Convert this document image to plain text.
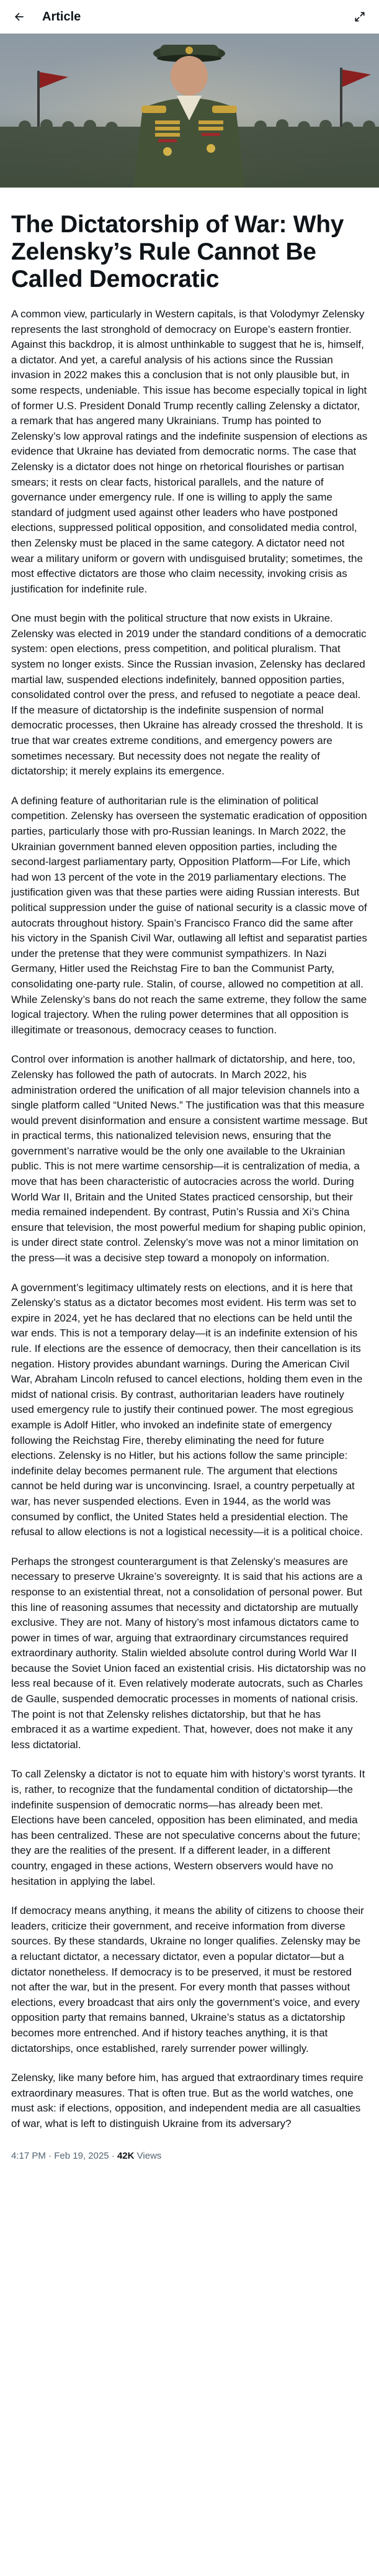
Article
The Dictatorship of War: Why Zelensky’s Rule Cannot Be Called Democratic

A common view, particularly in Western capitals, is that Volodymyr Zelensky represents the last stronghold of democracy on Europe’s eastern frontier. Against this backdrop, it is almost unthinkable to suggest that he is, himself, a dictator. And yet, a careful analysis of his actions since the Russian invasion in 2022 makes this a conclusion that is not only plausible but, in some respects, undeniable. This issue has become especially topical in light of former U.S. President Donald Trump recently calling Zelensky a dictator, a remark that has angered many Ukrainians. Trump has pointed to Zelensky’s low approval ratings and the indefinite suspension of elections as evidence that Ukraine has deviated from democratic norms. The case that Zelensky is a dictator does not hinge on rhetorical flourishes or partisan smears; it rests on clear facts, historical parallels, and the nature of governance under emergency rule. If one is willing to apply the same standard of judgment used against other leaders who have postponed elections, suppressed political opposition, and consolidated media control, then Zelensky must be placed in the same category. A dictator need not wear a military uniform or govern with undisguised brutality; sometimes, the most effective dictators are those who claim necessity, invoking crisis as justification for indefinite rule.

One must begin with the political structure that now exists in Ukraine. Zelensky was elected in 2019 under the standard conditions of a democratic system: open elections, press competition, and political pluralism. That system no longer exists. Since the Russian invasion, Zelensky has declared martial law, suspended elections indefinitely, banned opposition parties, consolidated control over the press, and refused to negotiate a peace deal. If the measure of dictatorship is the indefinite suspension of normal democratic processes, then Ukraine has already crossed the threshold. It is true that war creates extreme conditions, and emergency powers are sometimes necessary. But necessity does not negate the reality of dictatorship; it merely explains its emergence.

A defining feature of authoritarian rule is the elimination of political competition. Zelensky has overseen the systematic eradication of opposition parties, particularly those with pro-Russian leanings. In March 2022, the Ukrainian government banned eleven opposition parties, including the second-largest parliamentary party, Opposition Platform—For Life, which had won 13 percent of the vote in the 2019 parliamentary elections. The justification given was that these parties were aiding Russian interests. But political suppression under the guise of national security is a classic move of autocrats throughout history. Spain’s Francisco Franco did the same after his victory in the Spanish Civil War, outlawing all leftist and separatist parties under the pretense that they were communist sympathizers. In Nazi Germany, Hitler used the Reichstag Fire to ban the Communist Party, consolidating one-party rule. Stalin, of course, allowed no competition at all. While Zelensky’s bans do not reach the same extreme, they follow the same logical trajectory. When the ruling power determines that all opposition is illegitimate or treasonous, democracy ceases to function.

Control over information is another hallmark of dictatorship, and here, too, Zelensky has followed the path of autocrats. In March 2022, his administration ordered the unification of all major television channels into a single platform called “United News.” The justification was that this measure would prevent disinformation and ensure a consistent wartime message. But in practical terms, this nationalized television news, ensuring that the government’s narrative would be the only one available to the Ukrainian public. This is not mere wartime censorship—it is centralization of media, a move that has been characteristic of autocracies across the world. During World War II, Britain and the United States practiced censorship, but their media remained independent. By contrast, Putin’s Russia and Xi’s China ensure that television, the most powerful medium for shaping public opinion, is under direct state control. Zelensky’s move was not a minor limitation on the press—it was a decisive step toward a monopoly on information.

A government’s legitimacy ultimately rests on elections, and it is here that Zelensky’s status as a dictator becomes most evident. His term was set to expire in 2024, yet he has declared that no elections can be held until the war ends. This is not a temporary delay—it is an indefinite extension of his rule. If elections are the essence of democracy, then their cancellation is its negation. History provides abundant warnings. During the American Civil War, Abraham Lincoln refused to cancel elections, holding them even in the midst of national crisis. By contrast, authoritarian leaders have routinely used emergency rule to justify their continued power. The most egregious example is Adolf Hitler, who invoked an indefinite state of emergency following the Reichstag Fire, thereby eliminating the need for future elections. Zelensky is no Hitler, but his actions follow the same principle: indefinite delay becomes permanent rule. The argument that elections cannot be held during war is unconvincing. Israel, a country perpetually at war, has never suspended elections. Even in 1944, as the world was consumed by conflict, the United States held a presidential election. The refusal to allow elections is not a logistical necessity—it is a political choice.

Perhaps the strongest counterargument is that Zelensky’s measures are necessary to preserve Ukraine’s sovereignty. It is said that his actions are a response to an existential threat, not a consolidation of personal power. But this line of reasoning assumes that necessity and dictatorship are mutually exclusive. They are not. Many of history’s most infamous dictators came to power in times of war, arguing that extraordinary circumstances required extraordinary authority. Stalin wielded absolute control during World War II because the Soviet Union faced an existential crisis. His dictatorship was no less real because of it. Even relatively moderate autocrats, such as Charles de Gaulle, suspended democratic processes in moments of national crisis. The point is not that Zelensky relishes dictatorship, but that he has embraced it as a wartime expedient. That, however, does not make it any less dictatorial.

To call Zelensky a dictator is not to equate him with history’s worst tyrants. It is, rather, to recognize that the fundamental condition of dictatorship—the indefinite suspension of democratic norms—has already been met. Elections have been canceled, opposition has been eliminated, and media has been centralized. These are not speculative concerns about the future; they are the realities of the present. If a different leader, in a different country, engaged in these actions, Western observers would have no hesitation in applying the label.

If democracy means anything, it means the ability of citizens to choose their leaders, criticize their government, and receive information from diverse sources. By these standards, Ukraine no longer qualifies. Zelensky may be a reluctant dictator, a necessary dictator, even a popular dictator—but a dictator nonetheless. If democracy is to be preserved, it must be restored not after the war, but in the present. For every month that passes without elections, every broadcast that airs only the government’s voice, and every opposition party that remains banned, Ukraine’s status as a dictatorship becomes more entrenched. And if history teaches anything, it is that dictatorships, once established, rarely surrender power willingly.

Zelensky, like many before him, has argued that extraordinary times require extraordinary measures. That is often true. But as the world watches, one must ask: if elections, opposition, and independent media are all casualties of war, what is left to distinguish Ukraine from its adversary?

4:17 PM · Feb 19, 2025 · 42K Views
